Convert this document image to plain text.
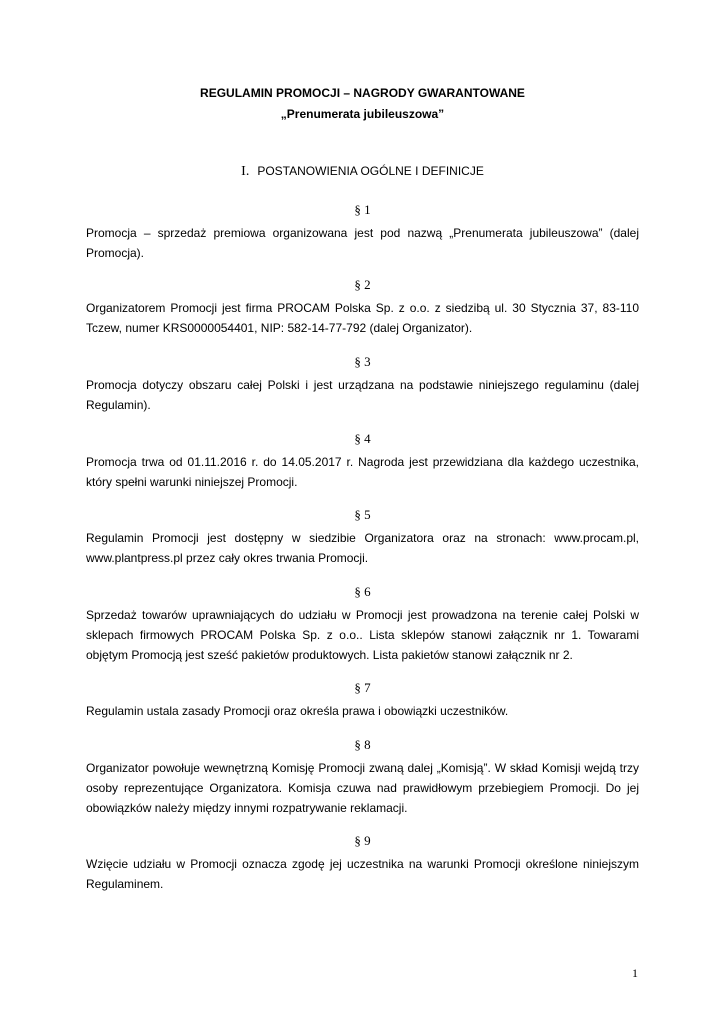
REGULAMIN PROMOCJI – NAGRODY GWARANTOWANE
„Prenumerata jubileuszowa”
I. POSTANOWIENIA OGÓLNE I DEFINICJE
§ 1
Promocja – sprzedaż premiowa organizowana jest pod nazwą „Prenumerata jubileuszowa” (dalej Promocja).
§ 2
Organizatorem Promocji jest firma PROCAM Polska Sp. z o.o. z siedzibą ul. 30 Stycznia 37, 83-110 Tczew, numer KRS0000054401, NIP: 582-14-77-792 (dalej Organizator).
§ 3
Promocja dotyczy obszaru całej Polski i jest urządzana na podstawie niniejszego regulaminu (dalej Regulamin).
§ 4
Promocja trwa od 01.11.2016 r. do 14.05.2017 r. Nagroda jest przewidziana dla każdego uczestnika, który spełni warunki niniejszej Promocji.
§ 5
Regulamin Promocji jest dostępny w siedzibie Organizatora oraz na stronach: www.procam.pl, www.plantpress.pl przez cały okres trwania Promocji.
§ 6
Sprzedaż towarów uprawniających do udziału w Promocji jest prowadzona na terenie całej Polski w sklepach firmowych PROCAM Polska Sp. z o.o.. Lista sklepów stanowi załącznik nr 1. Towarami objętym Promocją jest sześć pakietów produktowych. Lista pakietów stanowi załącznik nr 2.
§ 7
Regulamin ustala zasady Promocji oraz określa prawa i obowiązki uczestników.
§ 8
Organizator powołuje wewnętrzną Komisję Promocji zwaną dalej „Komisją”. W skład Komisji wejdą trzy osoby reprezentujące Organizatora. Komisja czuwa nad prawidłowym przebiegiem Promocji. Do jej obowiązków należy między innymi rozpatrywanie reklamacji.
§ 9
Wzięcie udziału w Promocji oznacza zgodę jej uczestnika na warunki Promocji określone niniejszym Regulaminem.
1
